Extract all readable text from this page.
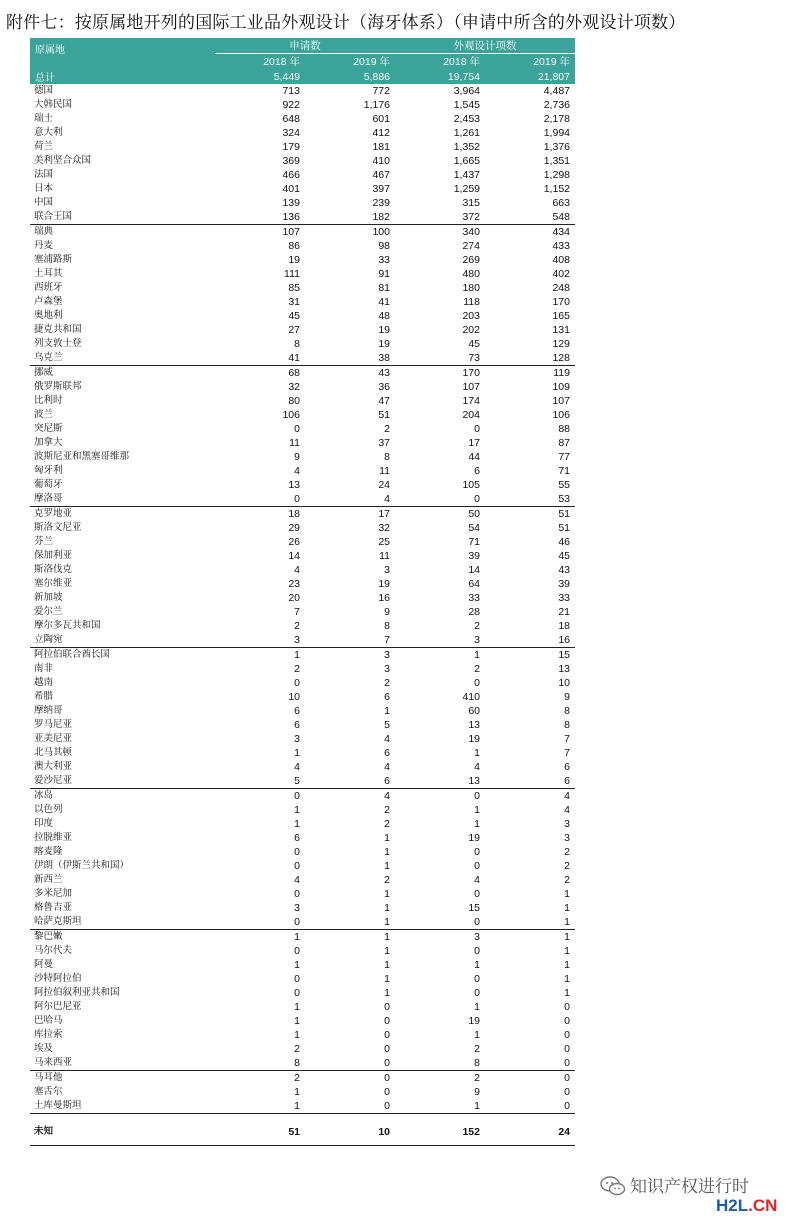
附件七：按原属地开列的国际工业品外观设计（海牙体系）（申请中所含的外观设计项数）
原属地	申请数		外观设计项数	
	2018 年	2019 年	2018 年	2019 年
总计	5,449	5,886	19,754	21,807
德国	713	772	3,964	4,487
大韩民国	922	1,176	1,545	2,736
瑞士	648	601	2,453	2,178
意大利	324	412	1,261	1,994
荷兰	179	181	1,352	1,376
美利坚合众国	369	410	1,665	1,351
法国	466	467	1,437	1,298
日本	401	397	1,259	1,152
中国	139	239	315	663
联合王国	136	182	372	548
瑞典	107	100	340	434
丹麦	86	98	274	433
塞浦路斯	19	33	269	408
土耳其	111	91	480	402
西班牙	85	81	180	248
卢森堡	31	41	118	170
奥地利	45	48	203	165
捷克共和国	27	19	202	131
列支敦士登	8	19	45	129
乌克兰	41	38	73	128
挪威	68	43	170	119
俄罗斯联邦	32	36	107	109
比利时	80	47	174	107
波兰	106	51	204	106
突尼斯	0	2	0	88
加拿大	11	37	17	87
波斯尼亚和黑塞哥维那	9	8	44	77
匈牙利	4	11	6	71
葡萄牙	13	24	105	55
摩洛哥	0	4	0	53
克罗地亚	18	17	50	51
斯洛文尼亚	29	32	54	51
芬兰	26	25	71	46
保加利亚	14	11	39	45
斯洛伐克	4	3	14	43
塞尔维亚	23	19	64	39
新加坡	20	16	33	33
爱尔兰	7	9	28	21
摩尔多瓦共和国	2	8	2	18
立陶宛	3	7	3	16
阿拉伯联合酋长国	1	3	1	15
南非	2	3	2	13
越南	0	2	0	10
希腊	10	6	410	9
摩纳哥	6	1	60	8
罗马尼亚	6	5	13	8
亚美尼亚	3	4	19	7
北马其顿	1	6	1	7
澳大利亚	4	4	4	6
爱沙尼亚	5	6	13	6
冰岛	0	4	0	4
以色列	1	2	1	4
印度	1	2	1	3
拉脱维亚	6	1	19	3
喀麦隆	0	1	0	2
伊朗（伊斯兰共和国）	0	1	0	2
新西兰	4	2	4	2
多米尼加	0	1	0	1
格鲁吉亚	3	1	15	1
哈萨克斯坦	0	1	0	1
黎巴嫩	1	1	3	1
马尔代夫	0	1	0	1
阿曼	1	1	1	1
沙特阿拉伯	0	1	0	1
阿拉伯叙利亚共和国	0	1	0	1
阿尔巴尼亚	1	0	1	0
巴哈马	1	0	19	0
库拉索	1	0	1	0
埃及	2	0	2	0
马来西亚	8	0	8	0
马耳他	2	0	2	0
塞舌尔	1	0	9	0
土库曼斯坦	1	0	1	0

未知	51	10	152	24
知识产权进行时
H2L.CN
